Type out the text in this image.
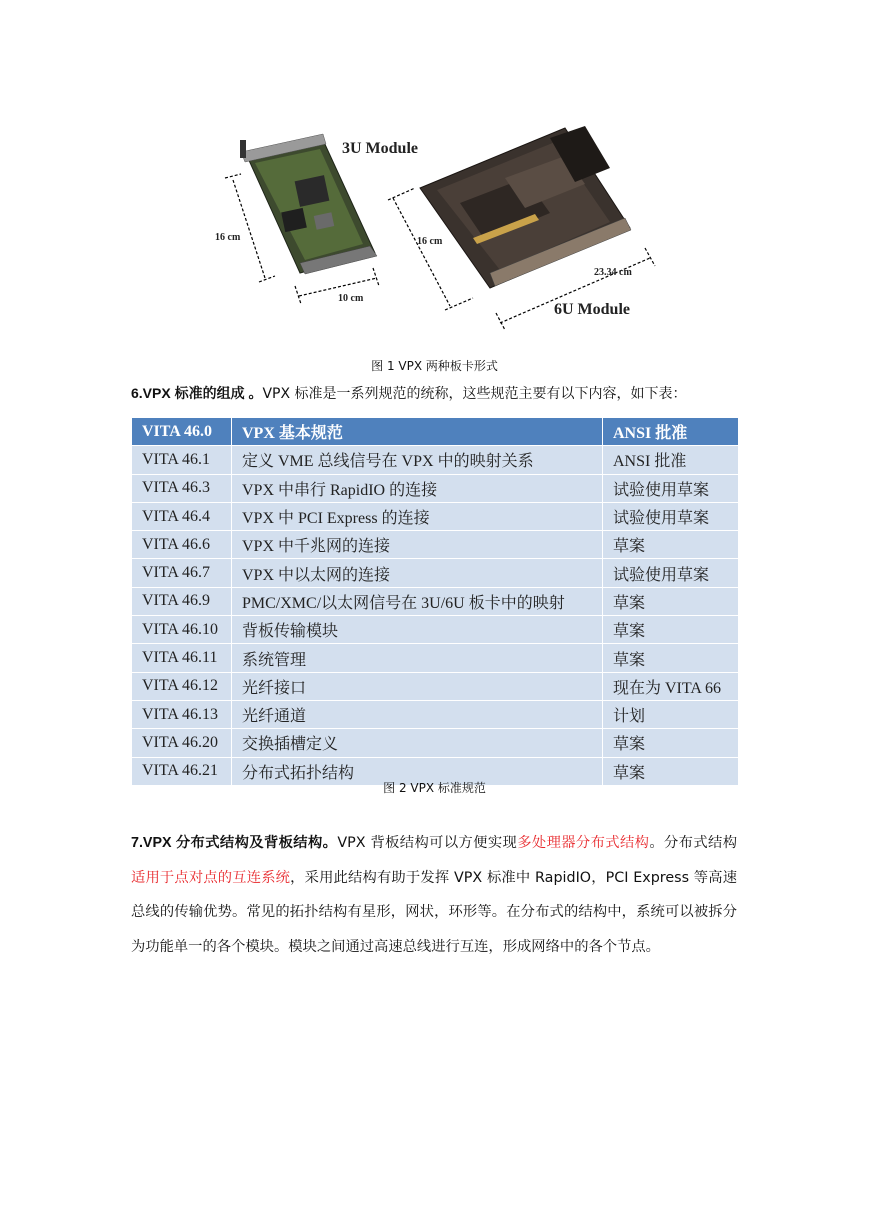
3U Module
16 cm
10 cm
16 cm
23.34 cm
6U Module
图 1 VPX 两种板卡形式

6.VPX 标准的组成 。VPX 标准是一系列规范的统称，这些规范主要有以下内容，如下表：

VITA 46.0	VPX 基本规范	ANSI 批准
VITA 46.1	定义 VME 总线信号在 VPX 中的映射关系	ANSI 批准
VITA 46.3	VPX 中串行 RapidIO 的连接	试验使用草案
VITA 46.4	VPX 中 PCI Express 的连接	试验使用草案
VITA 46.6	VPX 中千兆网的连接	草案
VITA 46.7	VPX 中以太网的连接	试验使用草案
VITA 46.9	PMC/XMC/以太网信号在 3U/6U 板卡中的映射	草案
VITA 46.10	背板传输模块	草案
VITA 46.11	系统管理	草案
VITA 46.12	光纤接口	现在为 VITA 66
VITA 46.13	光纤通道	计划
VITA 46.20	交换插槽定义	草案
VITA 46.21	分布式拓扑结构	草案
图 2 VPX 标准规范

7.VPX 分布式结构及背板结构。VPX 背板结构可以方便实现多处理器分布式结构。分布式结构适用于点对点的互连系统，采用此结构有助于发挥 VPX 标准中 RapidIO，PCI Express 等高速总线的传输优势。常见的拓扑结构有星形，网状，环形等。在分布式的结构中，系统可以被拆分为功能单一的各个模块。模块之间通过高速总线进行互连，形成网络中的各个节点。
